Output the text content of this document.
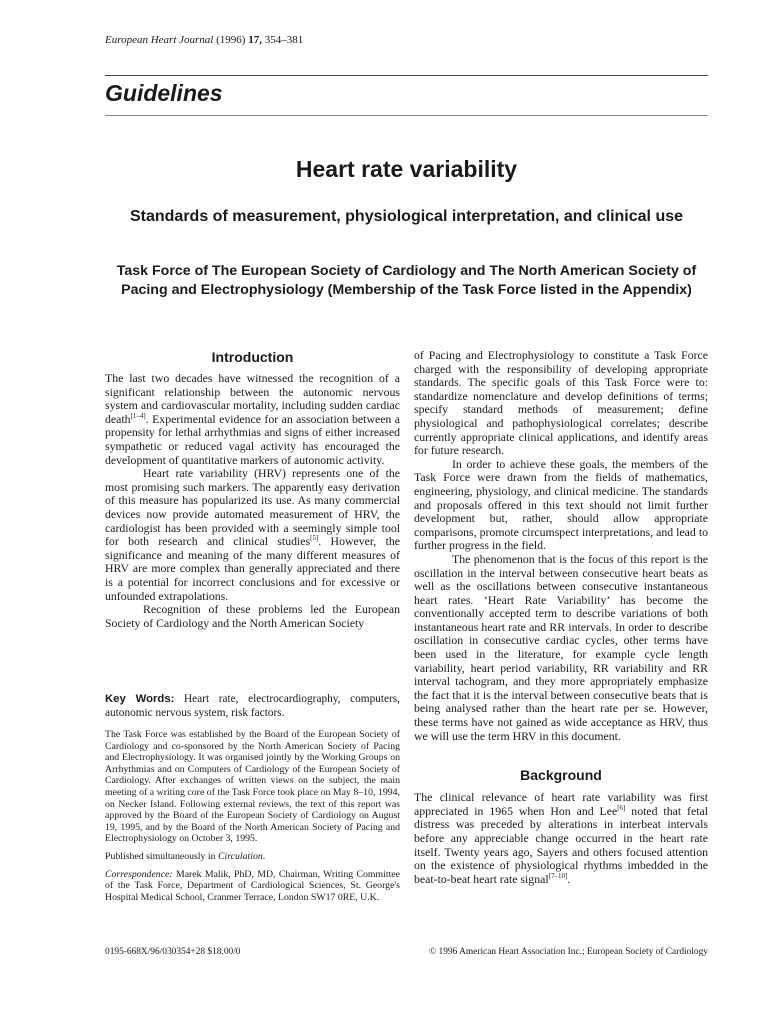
European Heart Journal (1996) 17, 354–381
Guidelines
Heart rate variability
Standards of measurement, physiological interpretation, and clinical use
Task Force of The European Society of Cardiology and The North American Society of Pacing and Electrophysiology (Membership of the Task Force listed in the Appendix)
Introduction

The last two decades have witnessed the recognition of a significant relationship between the autonomic nervous system and cardiovascular mortality, including sudden cardiac death[1–4]. Experimental evidence for an association between a propensity for lethal arrhythmias and signs of either increased sympathetic or reduced vagal activity has encouraged the development of quantitative markers of autonomic activity.

Heart rate variability (HRV) represents one of the most promising such markers. The apparently easy derivation of this measure has popularized its use. As many commercial devices now provide automated measurement of HRV, the cardiologist has been provided with a seemingly simple tool for both research and clinical studies[5]. However, the significance and meaning of the many different measures of HRV are more complex than generally appreciated and there is a potential for incorrect conclusions and for excessive or unfounded extrapolations.

Recognition of these problems led the European Society of Cardiology and the North American Society

Key Words: Heart rate, electrocardiography, computers, autonomic nervous system, risk factors.

The Task Force was established by the Board of the European Society of Cardiology and co-sponsored by the North American Society of Pacing and Electrophysiology. It was organised jointly by the Working Groups on Arrhythmias and on Computers of Cardiology of the European Society of Cardiology. After exchanges of written views on the subject, the main meeting of a writing core of the Task Force took place on May 8–10, 1994, on Necker Island. Following external reviews, the text of this report was approved by the Board of the European Society of Cardiology on August 19, 1995, and by the Board of the North American Society of Pacing and Electrophysiology on October 3, 1995.

Published simultaneously in Circulation.

Correspondence: Marek Malik, PhD, MD, Chairman, Writing Committee of the Task Force, Department of Cardiological Sciences, St. George's Hospital Medical School, Cranmer Terrace, London SW17 0RE, U.K.

of Pacing and Electrophysiology to constitute a Task Force charged with the responsibility of developing appropriate standards. The specific goals of this Task Force were to: standardize nomenclature and develop definitions of terms; specify standard methods of measurement; define physiological and pathophysiological correlates; describe currently appropriate clinical applications, and identify areas for future research.

In order to achieve these goals, the members of the Task Force were drawn from the fields of mathematics, engineering, physiology, and clinical medicine. The standards and proposals offered in this text should not limit further development but, rather, should allow appropriate comparisons, promote circumspect interpretations, and lead to further progress in the field.

The phenomenon that is the focus of this report is the oscillation in the interval between consecutive heart beats as well as the oscillations between consecutive instantaneous heart rates. ‘Heart Rate Variability’ has become the conventionally accepted term to describe variations of both instantaneous heart rate and RR intervals. In order to describe oscillation in consecutive cardiac cycles, other terms have been used in the literature, for example cycle length variability, heart period variability, RR variability and RR interval tachogram, and they more appropriately emphasize the fact that it is the interval between consecutive beats that is being analysed rather than the heart rate per se. However, these terms have not gained as wide acceptance as HRV, thus we will use the term HRV in this document.

Background

The clinical relevance of heart rate variability was first appreciated in 1965 when Hon and Lee[6] noted that fetal distress was preceded by alterations in interbeat intervals before any appreciable change occurred in the heart rate itself. Twenty years ago, Sayers and others focused attention on the existence of physiological rhythms imbedded in the beat-to-beat heart rate signal[7–10].

0195-668X/96/030354+28 $18.00/0	© 1996 American Heart Association Inc.; European Society of Cardiology
